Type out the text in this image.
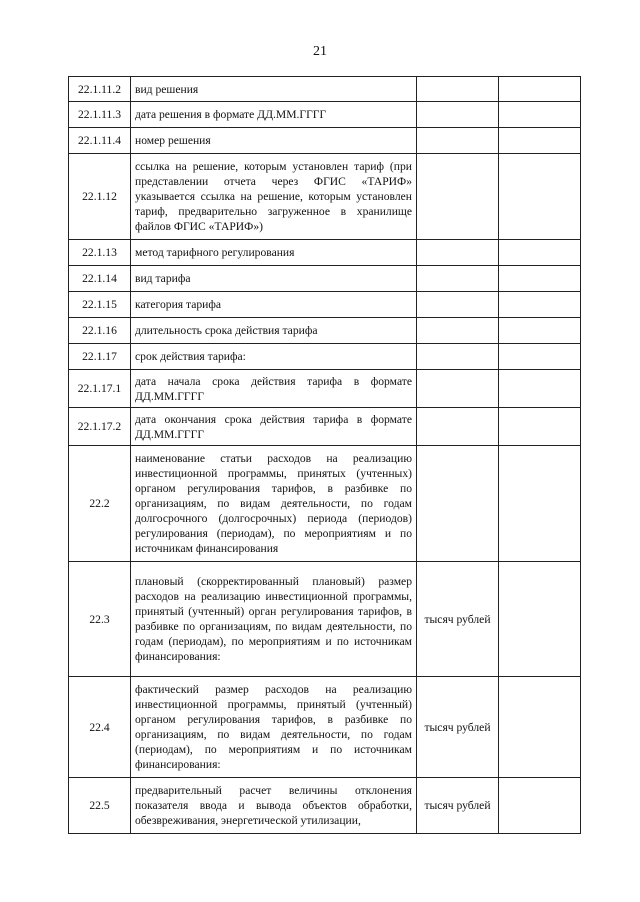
21
22.1.11.2	вид решения		
22.1.11.3	дата решения в формате ДД.ММ.ГГГГ		
22.1.11.4	номер решения		
22.1.12	ссылка на решение, которым установлен тариф (при представлении отчета через ФГИС «ТАРИФ» указывается ссылка на решение, которым установлен тариф, предварительно загруженное в хранилище файлов ФГИС «ТАРИФ»)		
22.1.13	метод тарифного регулирования		
22.1.14	вид тарифа		
22.1.15	категория тарифа		
22.1.16	длительность срока действия тарифа		
22.1.17	срок действия тарифа:		
22.1.17.1	дата начала срока действия тарифа в формате ДД.ММ.ГГГГ		
22.1.17.2	дата окончания срока действия тарифа в формате ДД.ММ.ГГГГ		
22.2	наименование статьи расходов на реализацию инвестиционной программы, принятых (учтенных) органом регулирования тарифов, в разбивке по организациям, по видам деятельности, по годам долгосрочного (долгосрочных) периода (периодов) регулирования (периодам), по мероприятиям и по источникам финансирования		
22.3	плановый (скорректированный плановый) размер расходов на реализацию инвестиционной программы, принятый (учтенный) орган регулирования тарифов, в разбивке по организациям, по видам деятельности, по годам (периодам), по мероприятиям и по источникам финансирования:	тысяч рублей	
22.4	фактический размер расходов на реализацию инвестиционной программы, принятый (учтенный) органом регулирования тарифов, в разбивке по организациям, по видам деятельности, по годам (периодам), по мероприятиям и по источникам финансирования:	тысяч рублей	
22.5	предварительный расчет величины отклонения показателя ввода и вывода объектов обработки, обезвреживания, энергетической утилизации,	тысяч рублей	
